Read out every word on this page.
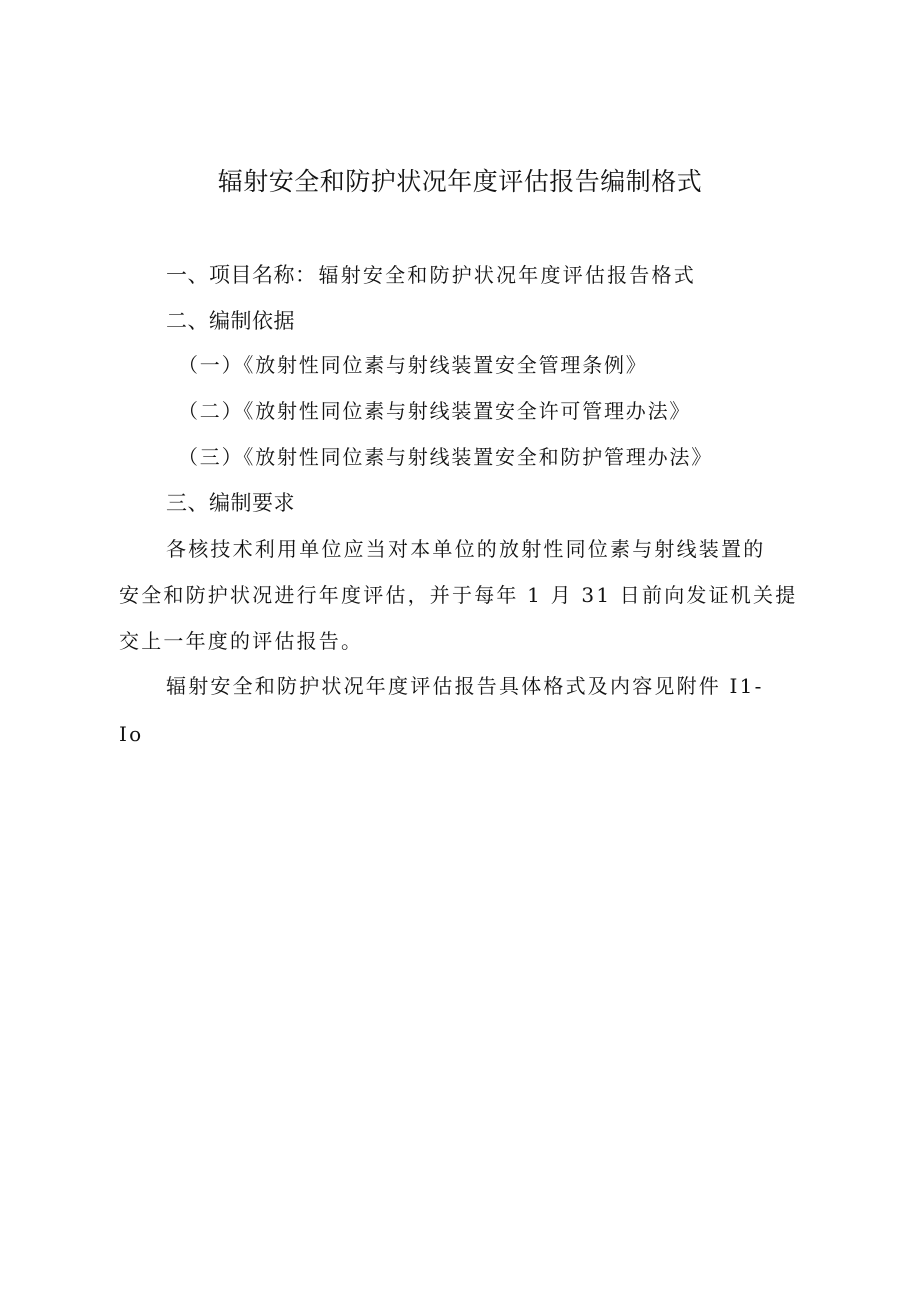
辐射安全和防护状况年度评估报告编制格式
一、项目名称： 辐射安全和防护状况年度评估报告格式
二、编制依据
（一）《放射性同位素与射线装置安全管理条例》
（二）《放射性同位素与射线装置安全许可管理办法》
（三）《放射性同位素与射线装置安全和防护管理办法》
三、编制要求
各核技术利用单位应当对本单位的放射性同位素与射线装置的
安全和防护状况进行年度评估，并于每年 1 月 31 日前向发证机关提
交上一年度的评估报告。
辐射安全和防护状况年度评估报告具体格式及内容见附件 I1-
Io
